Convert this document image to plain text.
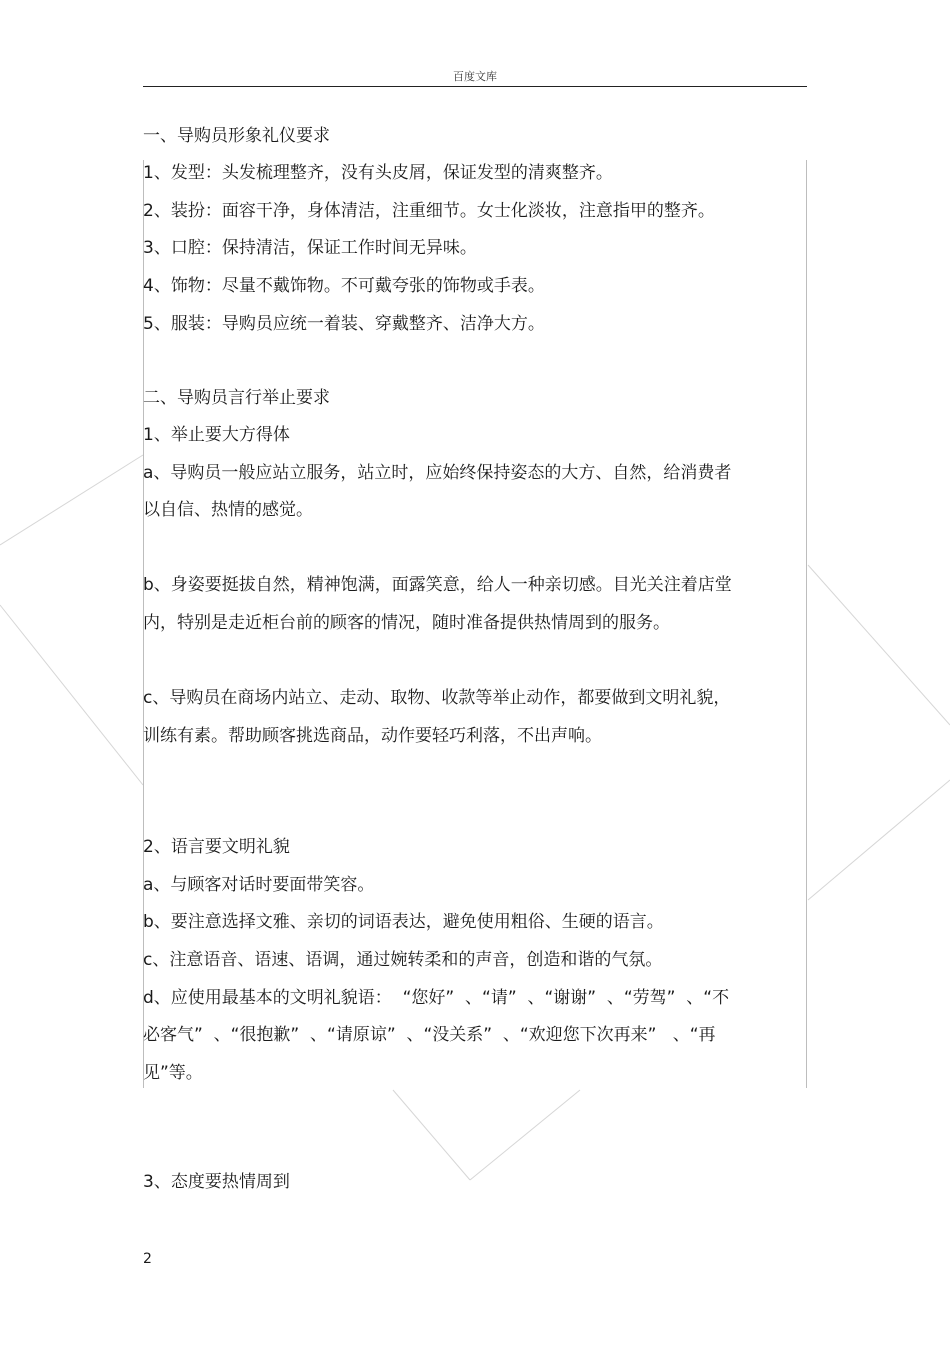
百度文库
一、导购员形象礼仪要求
1、发型：头发梳理整齐，没有头皮屑，保证发型的清爽整齐。
2、装扮：面容干净，身体清洁，注重细节。女士化淡妆，注意指甲的整齐。
3、口腔：保持清洁，保证工作时间无异味。
4、饰物：尽量不戴饰物。不可戴夸张的饰物或手表。
5、服装：导购员应统一着装、穿戴整齐、洁净大方。
二、导购员言行举止要求
1、举止要大方得体
a、导购员一般应站立服务，站立时，应始终保持姿态的大方、自然，给消费者
以自信、热情的感觉。
b、身姿要挺拔自然，精神饱满，面露笑意，给人一种亲切感。目光关注着店堂
内，特别是走近柜台前的顾客的情况，随时准备提供热情周到的服务。
c、导购员在商场内站立、走动、取物、收款等举止动作，都要做到文明礼貌，
训练有素。帮助顾客挑选商品，动作要轻巧利落，不出声响。
2、语言要文明礼貌
a、与顾客对话时要面带笑容。
b、要注意选择文雅、亲切的词语表达，避免使用粗俗、生硬的语言。
c、注意语音、语速、语调，通过婉转柔和的声音，创造和谐的气氛。
d、应使用最基本的文明礼貌语：  “您好”  、“请”  、“谢谢”  、“劳驾”  、“不
必客气”  、“很抱歉”  、“请原谅”  、“没关系”  、“欢迎您下次再来”   、“再
见”等。
3、态度要热情周到
2
